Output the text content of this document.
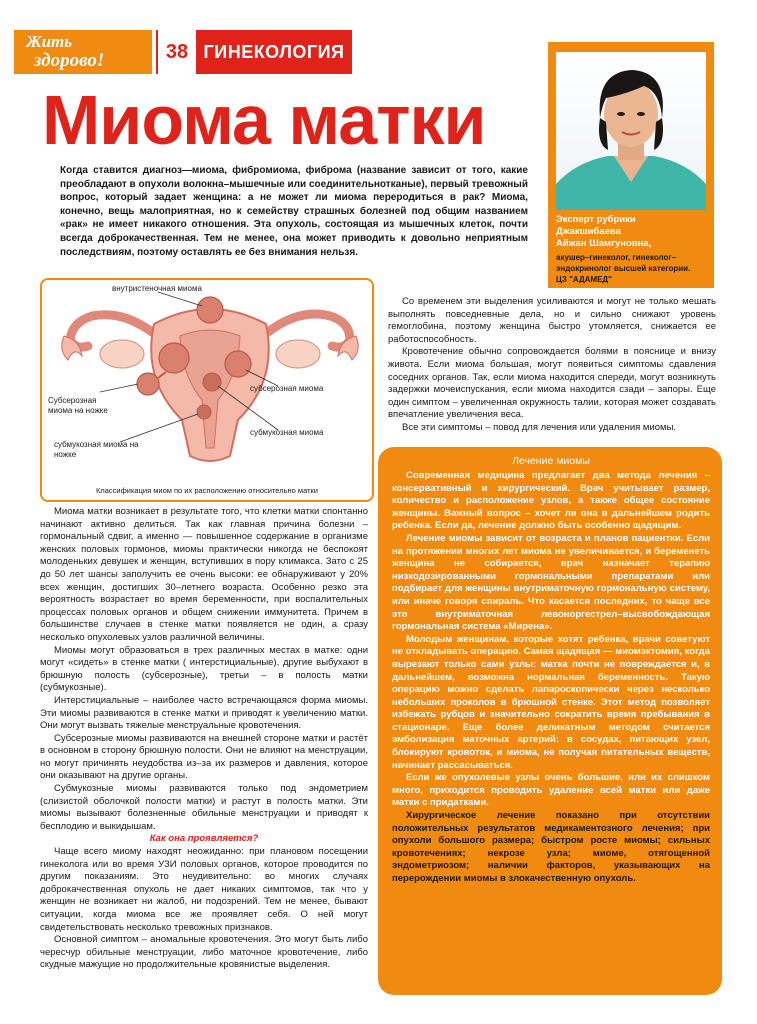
Жить
здорово!	38 ГИНЕКОЛОГИЯ
Миома матки

Когда ставится диагноз—миома, фибромиома, фиброма (название зависит от того, какие преобладают в опухоли волокна–мышечные или соединительнотканые), первый тревожный вопрос, который задает женщина: а не может ли миома переродиться в рак? Миома, конечно, вещь малоприятная, но к семейству страшных болезней под общим названием «рак» не имеет никакого отношения. Эта опухоль, состоящая из мышечных клеток, почти всегда доброкачественная. Тем не менее, она может приводить к довольно неприятным последствиям, поэтому оставлять ее без внимания нельзя.

Эксперт рубрики
Джакшибаева
Айжан Шамгуновна,
акушер–гинеколог, гинеколог–эндокринолог высшей категории.
ЦЗ "АДАМЕД"
внутристеночная миома
Субсерозная миома на ножке
субсерозная миома
субмукозная миома на ножке
субмукозная миома
Классификация миом по их расположению относительно матки

Со временем эти выделения усиливаются и могут не только мешать выполнять повседневные дела, но и сильно снижают уровень гемоглобина, поэтому женщина быстро утомляется, снижается ее работоспособность.

Кровотечение обычно сопровождается болями в пояснице и внизу живота. Если миома большая, могут появиться симптомы сдавления соседних органов. Так, если миома находится спереди, могут возникнуть задержки мочеиспускания, если миома находится сзади – запоры. Еще один симптом – увеличенная окружность талии, которая может создавать впечатление увеличения веса.

Все эти симптомы – повод для лечения или удаления миомы.

Миома матки возникает в результате того, что клетки матки спонтанно начинают активно делиться. Так как главная причина болезни – гормональный сдвиг, а именно — повышенное содержание в организме женских половых гормонов, миомы практически никогда не беспокоят молоденьких девушек и женщин, вступивших в пору климакса. Зато с 25 до 50 лет шансы заполучить ее очень высоки: ее обнаруживают у 20% всех женщин, достигших 30–летнего возраста. Особенно резко эта вероятность возрастает во время беременности, при воспалительных процессах половых органов и общем снижении иммунитета. Причем в большинстве случаев в стенке матки появляется не один, а сразу несколько опухолевых узлов различной величины.

Миомы могут образоваться в трех различных местах в матке: одни могут «сидеть» в стенке матки ( интерстициальные), другие выбухают в брюшную полость (субсерозные), третьи – в полость матки (субмукозные).

Интерстициальные – наиболее часто встречающаяся форма миомы. Эти миомы развиваются в стенке матки и приводят к увеличению матки. Они могут вызвать тяжелые менструальные кровотечения.

Субсерозные миомы развиваются на внешней стороне матки и растёт в основном в сторону брюшную полости. Они не влияют на менструации, но могут причинять неудобства из–за их размеров и давления, которое они оказывают на другие органы.

Субмукозные миомы развиваются только под эндометрием (слизистой оболочкой полости матки) и растут в полость матки. Эти миомы вызывают болезненные обильные менструации и приводят к бесплодию и выкидышам.

Как она проявляется?

Чаще всего миому находят неожиданно: при плановом посещении гинеколога или во время УЗИ половых органов, которое проводится по другим показаниям. Это неудивительно: во многих случаях доброкачественная опухоль не дает никаких симптомов, так что у женщин не возникает ни жалоб, ни подозрений. Тем не менее, бывают ситуации, когда миома все же проявляет себя. О ней могут свидетельствовать несколько тревожных признаков.

Основной симптом – аномальные кровотечения. Это могут быть либо чересчур обильные менструации, либо маточное кровотечение, либо скудные мажущие но продолжительные кровянистые выделения.

Лечение миомы

Современная медицина предлагает два метода лечения – консервативный и хирургический. Врач учитывает размер, количество и расположение узлов, а также общее состояние женщины. Важный вопрос – хочет ли она в дальнейшем родить ребенка. Если да, лечение должно быть особенно щадящим.

Лечение миомы зависит от возраста и планов пациентки. Если на протяжении многих лет миома не увеличивается, и беременеть женщина не собирается, врач назначает терапию низкодозированными гормональными препаратами или подбирает для женщины внутриматочную гормональную систему, или иначе говоря спираль. Что касается последних, то чаще все это внутриматочная левоноргестрел–высвобождающая гормональная система «Мирена».

Молодым женщинам, которые хотят ребенка, врачи советуют не откладывать операцию. Самая щадящая — миомэктомия, когда вырезают только сами узлы: матка почти не повреждается и, в дальнейшем, возможна нормальная беременность. Такую операцию можно сделать лапароскопически через несколько небольших проколов в брюшной стенке. Этот метод позволяет избежать рубцов и значительно сократить время пребывания в стационаре. Еще более деликатным методом считается эмболизация маточных артерий: в сосудах, питающих узел, блокируют кровоток, и миома, не получая питательных веществ, начинает рассасываться.

Если же опухолевые узлы очень большие, или их слишком много, приходится проводить удаление всей матки или даже матки с придатками.

Хирургическое лечение показано при отсутствии положительных результатов медикаментозного лечения; при опухоли большого размера; быстром росте миомы; сильных кровотечениях; некрозе узла; миоме, отягощенной эндометриозом; наличии факторов, указывающих на перерождении миомы в злокачественную опухоль.
